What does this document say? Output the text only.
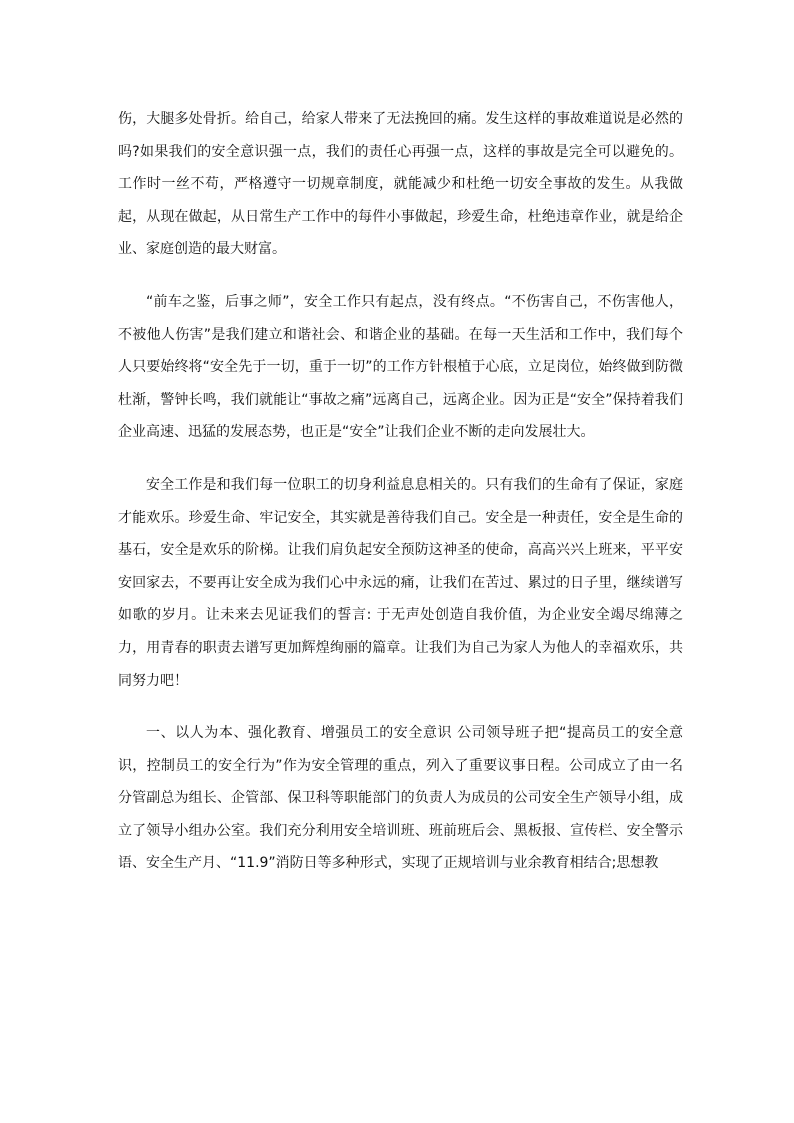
伤，大腿多处骨折。给自己，给家人带来了无法挽回的痛。发生这样的事故难道说是必然的吗?如果我们的安全意识强一点，我们的责任心再强一点，这样的事故是完全可以避免的。工作时一丝不苟，严格遵守一切规章制度，就能减少和杜绝一切安全事故的发生。从我做起，从现在做起，从日常生产工作中的每件小事做起，珍爱生命，杜绝违章作业，就是给企业、家庭创造的最大财富。

“前车之鉴，后事之师”，安全工作只有起点，没有终点。“不伤害自己，不伤害他人，不被他人伤害”是我们建立和谐社会、和谐企业的基础。在每一天生活和工作中，我们每个人只要始终将“安全先于一切，重于一切”的工作方针根植于心底，立足岗位，始终做到防微杜渐，警钟长鸣，我们就能让“事故之痛”远离自己，远离企业。因为正是“安全”保持着我们企业高速、迅猛的发展态势，也正是“安全”让我们企业不断的走向发展壮大。

安全工作是和我们每一位职工的切身利益息息相关的。只有我们的生命有了保证，家庭才能欢乐。珍爱生命、牢记安全，其实就是善待我们自己。安全是一种责任，安全是生命的基石，安全是欢乐的阶梯。让我们肩负起安全预防这神圣的使命，高高兴兴上班来，平平安安回家去，不要再让安全成为我们心中永远的痛，让我们在苦过、累过的日子里，继续谱写如歌的岁月。让未来去见证我们的誓言: 于无声处创造自我价值，为企业安全竭尽绵薄之力，用青春的职责去谱写更加辉煌绚丽的篇章。让我们为自己为家人为他人的幸福欢乐，共同努力吧！

一、以人为本、强化教育、增强员工的安全意识 公司领导班子把“提高员工的安全意识，控制员工的安全行为”作为安全管理的重点，列入了重要议事日程。公司成立了由一名分管副总为组长、企管部、保卫科等职能部门的负责人为成员的公司安全生产领导小组，成立了领导小组办公室。我们充分利用安全培训班、班前班后会、黑板报、宣传栏、安全警示语、安全生产月、“11.9”消防日等多种形式，实现了正规培训与业余教育相结合;思想教
